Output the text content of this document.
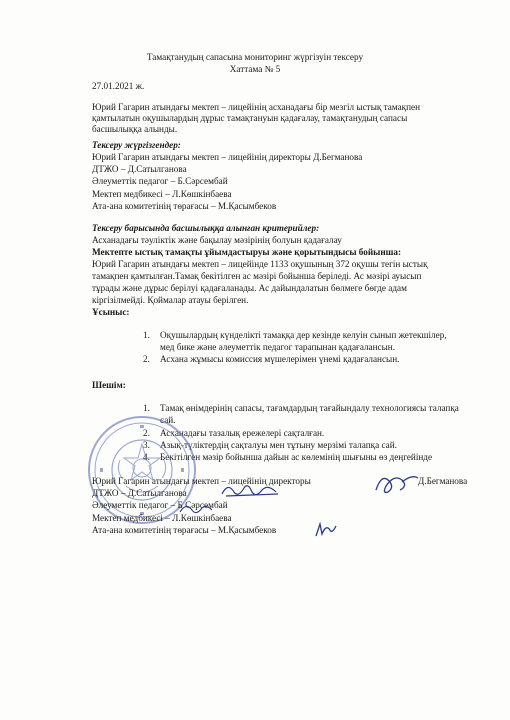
Тамақтанудың сапасына мониторинг жүргізуін тексеру
Хаттама № 5
27.01.2021 ж.
Юрий Гагарин атындағы мектеп – лицейінің асханадағы бір мезгіл ыстық тамақпен
қамтылатын оқушылардың дұрыс тамақтануын қадағалау, тамақтанудың сапасы
басшылыққа алынды.
Тексеру жүргізгендер:
Юрий Гагарин атындағы мектеп – лицейінің директоры Д.Бегманова
ДТЖО – Д.Сатылганова
Әлеуметтік педагог – Б.Сәрсембай
Мектеп медбикесі – Л.Көшкінбаева
Ата-ана комитетінің төрағасы – М.Қасымбеков
Тексеру барысында басшылыққа алынған критерийлер:
Асханадағы тәуліктік және бақылау мәзірінің болуын қадағалау
Мектепте ыстық тамақты ұйымдастыруы және қорытындысы бойынша:
Юрий Гагарин атындағы мектеп – лицейінде 1133 оқушының 372 оқушы тегін ыстық
тамақпен қамтылған.Тамақ бекітілген ас мәзірі бойынша беріледі. Ас мәзірі ауысып
тұрады және дұрыс берілуі қадағаланады. Ас дайындалатын бөлмеге бөгде адам
кіргізілмейді. Қоймалар атауы берілген.
Ұсыныс:
1. Оқушылардың күнделікті тамаққа дер кезінде келуін сынып жетекшілер,
мед бике және әлеуметтік педагог тарапынан қадағалансын.
2. Асхана жұмысы комиссия мүшелерімен үнемі қадағалансын.
Шешім:
1. Тамақ өнімдерінің сапасы, тағамдардың тағайындалу технологиясы талапқа
сай.
2. Асханадағы тазалық ережелері сақталған.
3. Азық-түліктердің сақталуы мен тұтыну мерзімі талапқа сай.
4. Бекітілген мәзір бойынша дайын ас көлемінің шығыны өз деңгейінде
Юрий Гагарин атындағы мектеп – лицейінің директоры	Д.Бегманова
ДТЖО – Д.Сатылганова
Әлеуметтік педагог – Б.Сәрсембай
Мектеп медбикесі – Л.Көшкінбаева
Ата-ана комитетінің төрағасы – М.Қасымбеков
